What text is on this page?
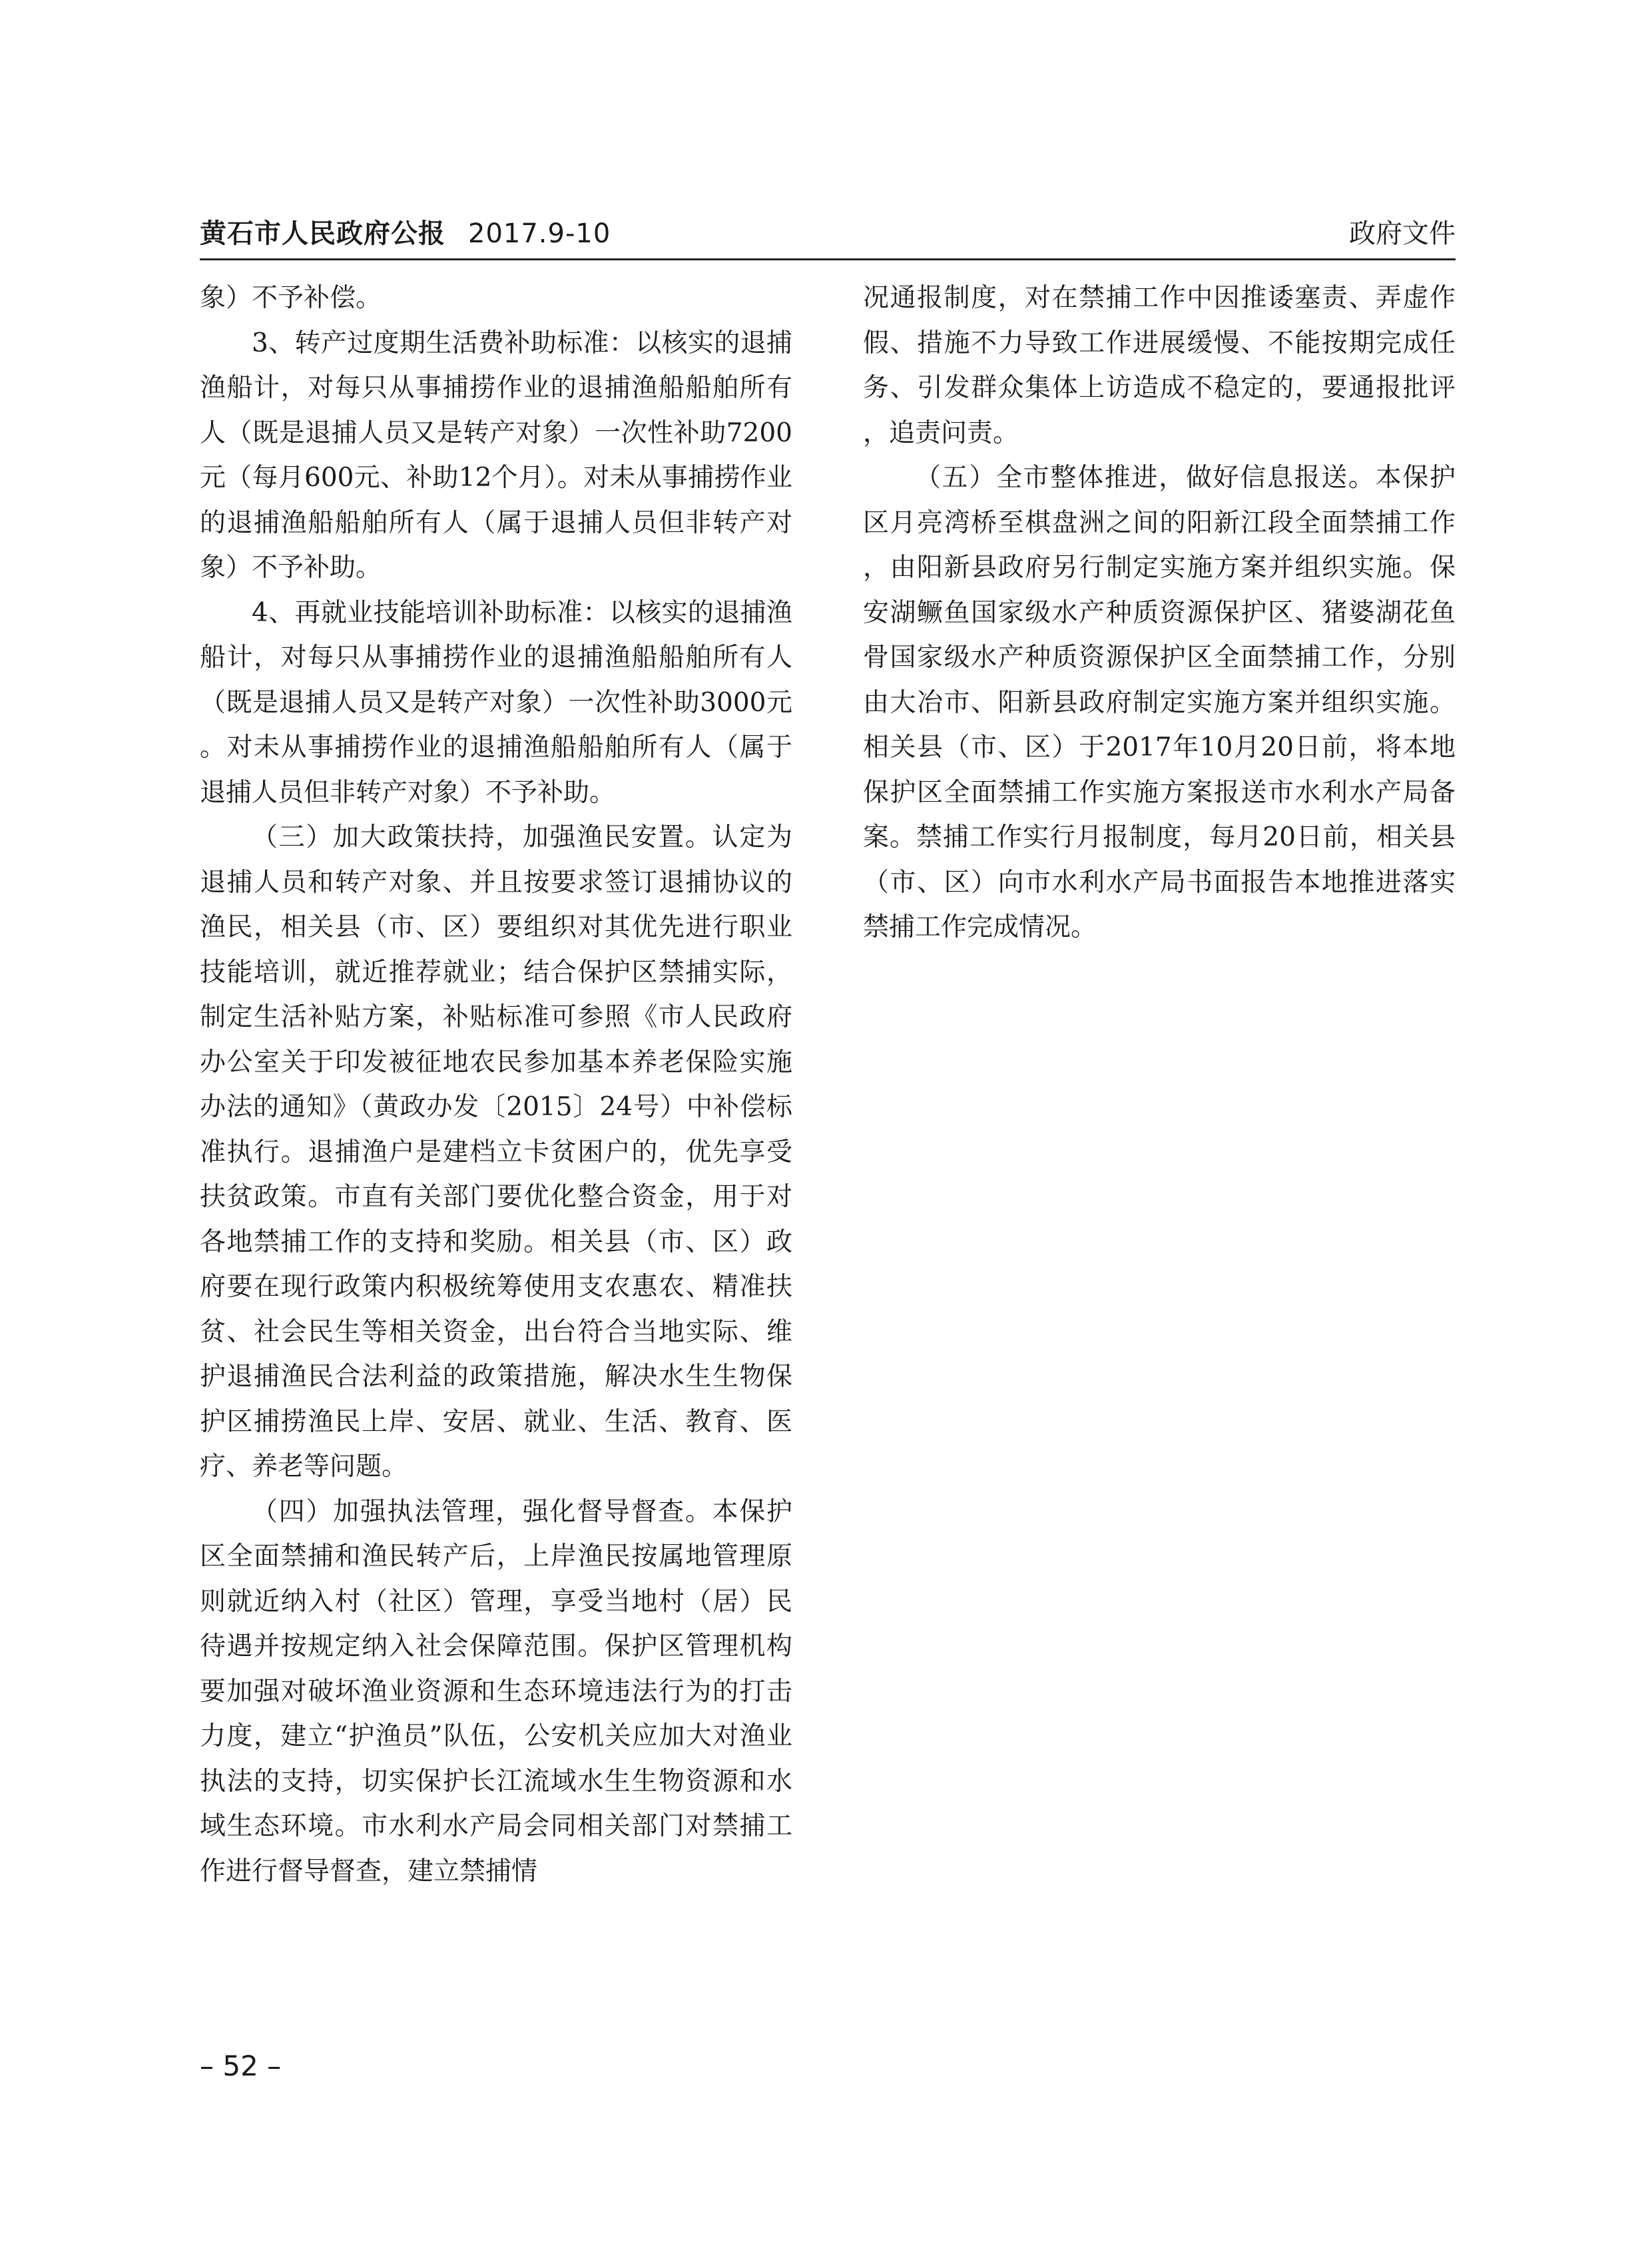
黄石市人民政府公报 2017.9-10	政府文件

象）不予补偿。

3、转产过度期生活费补助标准：以核实的退捕渔船计，对每只从事捕捞作业的退捕渔船船舶所有人（既是退捕人员又是转产对象）一次性补助7200元（每月600元、补助12个月）。对未从事捕捞作业的退捕渔船船舶所有人（属于退捕人员但非转产对象）不予补助。

4、再就业技能培训补助标准：以核实的退捕渔船计，对每只从事捕捞作业的退捕渔船船舶所有人（既是退捕人员又是转产对象）一次性补助3000元。对未从事捕捞作业的退捕渔船船舶所有人（属于退捕人员但非转产对象）不予补助。

（三）加大政策扶持，加强渔民安置。认定为退捕人员和转产对象、并且按要求签订退捕协议的渔民，相关县（市、区）要组织对其优先进行职业技能培训，就近推荐就业；结合保护区禁捕实际，制定生活补贴方案，补贴标准可参照《市人民政府办公室关于印发被征地农民参加基本养老保险实施办法的通知》（黄政办发〔2015〕24号）中补偿标准执行。退捕渔户是建档立卡贫困户的，优先享受扶贫政策。市直有关部门要优化整合资金，用于对各地禁捕工作的支持和奖励。相关县（市、区）政府要在现行政策内积极统筹使用支农惠农、精准扶贫、社会民生等相关资金，出台符合当地实际、维护退捕渔民合法利益的政策措施，解决水生生物保护区捕捞渔民上岸、安居、就业、生活、教育、医疗、养老等问题。

（四）加强执法管理，强化督导督查。本保护区全面禁捕和渔民转产后，上岸渔民按属地管理原则就近纳入村（社区）管理，享受当地村（居）民待遇并按规定纳入社会保障范围。保护区管理机构要加强对破坏渔业资源和生态环境违法行为的打击力度，建立“护渔员”队伍，公安机关应加大对渔业执法的支持，切实保护长江流域水生生物资源和水域生态环境。市水利水产局会同相关部门对禁捕工作进行督导督查，建立禁捕情

况通报制度，对在禁捕工作中因推诿塞责、弄虚作假、措施不力导致工作进展缓慢、不能按期完成任务、引发群众集体上访造成不稳定的，要通报批评，追责问责。

（五）全市整体推进，做好信息报送。本保护区月亮湾桥至棋盘洲之间的阳新江段全面禁捕工作，由阳新县政府另行制定实施方案并组织实施。保安湖鳜鱼国家级水产种质资源保护区、猪婆湖花鱼骨国家级水产种质资源保护区全面禁捕工作，分别由大冶市、阳新县政府制定实施方案并组织实施。相关县（市、区）于2017年10月20日前，将本地保护区全面禁捕工作实施方案报送市水利水产局备案。禁捕工作实行月报制度，每月20日前，相关县（市、区）向市水利水产局书面报告本地推进落实禁捕工作完成情况。

– 52 –
